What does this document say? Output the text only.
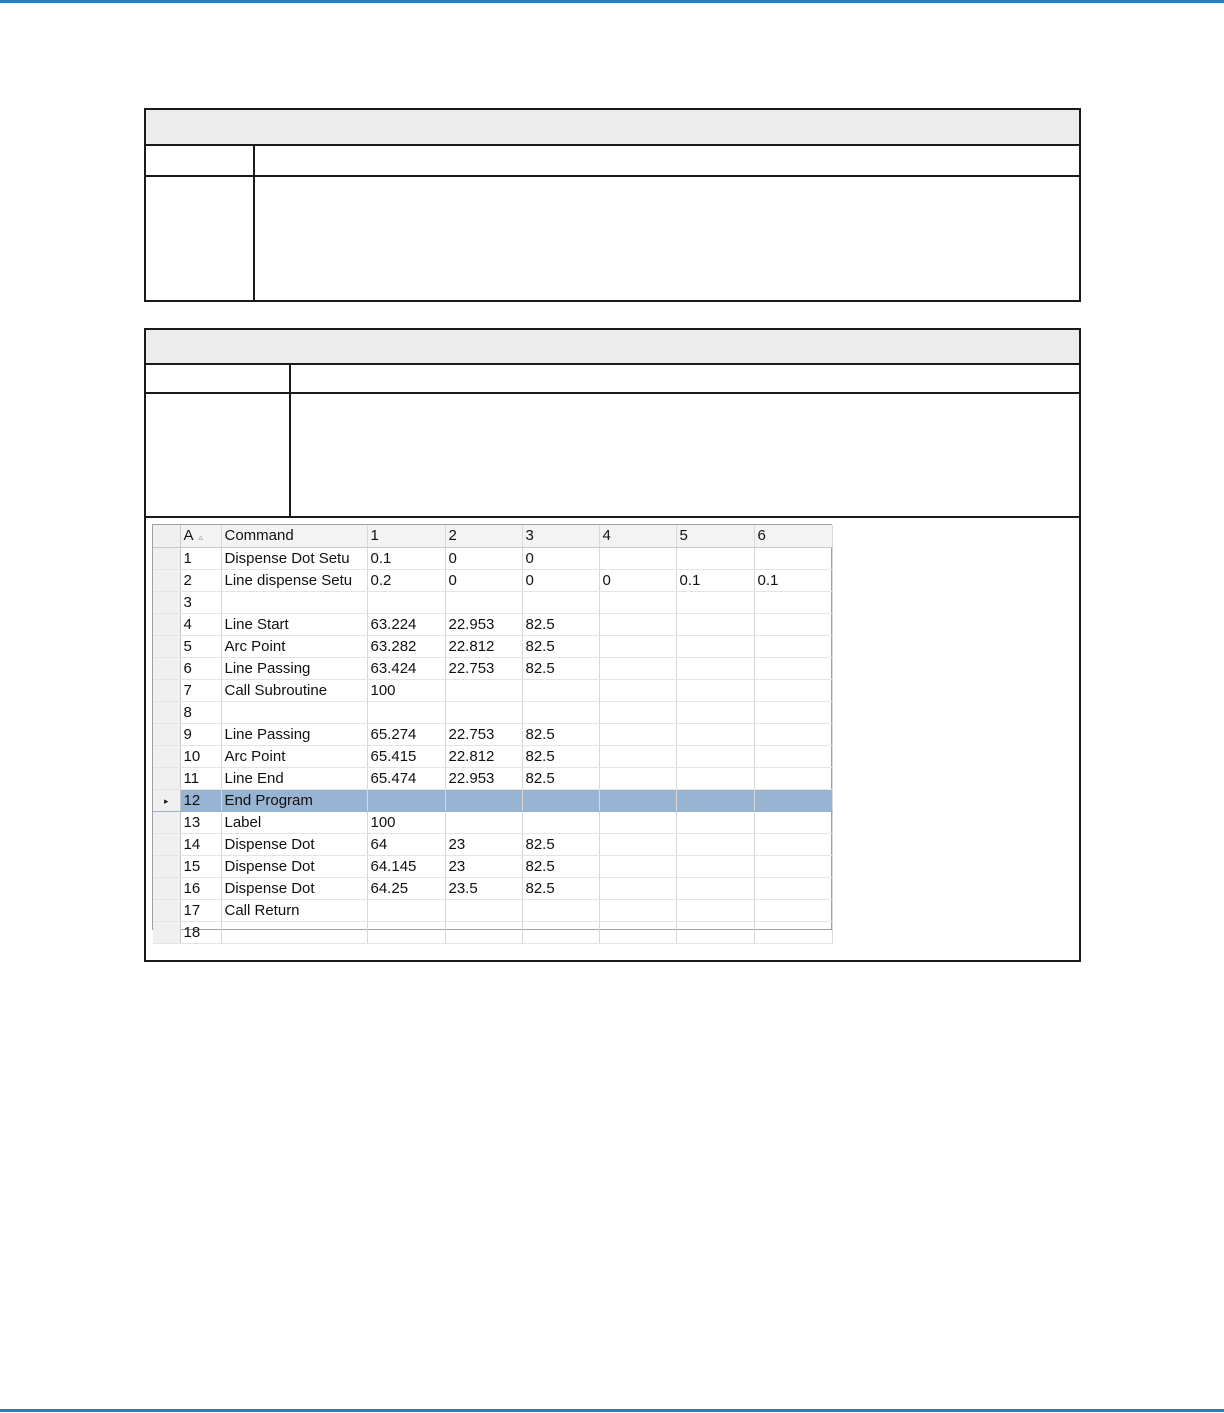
	A ▵	Command	1	2	3	4	5	6
	1	Dispense Dot Setu	0.1	0	0			
	2	Line dispense Setu	0.2	0	0	0	0.1	0.1
	3							
	4	Line Start	63.224	22.953	82.5			
	5	Arc Point	63.282	22.812	82.5			
	6	Line Passing	63.424	22.753	82.5			
	7	Call Subroutine	100					
	8							
	9	Line Passing	65.274	22.753	82.5			
	10	Arc Point	65.415	22.812	82.5			
	11	Line End	65.474	22.953	82.5			
▸	12	End Program						
	13	Label	100					
	14	Dispense Dot	64	23	82.5			
	15	Dispense Dot	64.145	23	82.5			
	16	Dispense Dot	64.25	23.5	82.5			
	17	Call Return						
	18							
